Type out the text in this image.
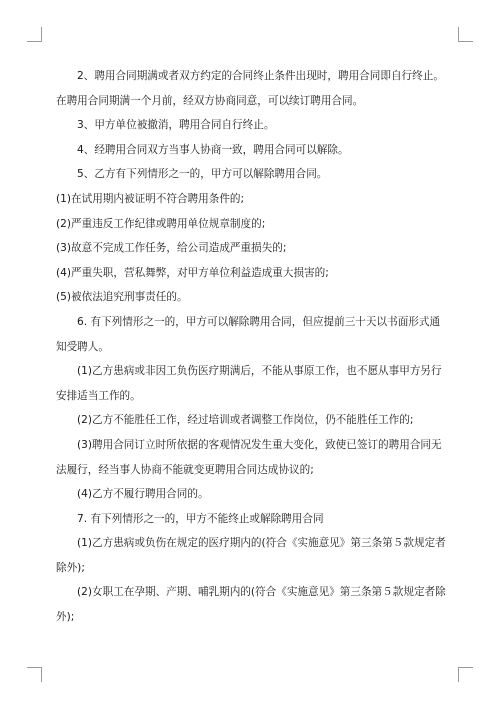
2、聘用合同期满或者双方约定的合同终止条件出现时，聘用合同即自行终止。在聘用合同期满一个月前，经双方协商同意，可以续订聘用合同。

3、甲方单位被撤消，聘用合同自行终止。

4、经聘用合同双方当事人协商一致，聘用合同可以解除。

5、乙方有下列情形之一的，甲方可以解除聘用合同。

(1)在试用期内被证明不符合聘用条件的;

(2)严重违反工作纪律或聘用单位规章制度的;

(3)故意不完成工作任务，给公司造成严重损失的;

(4)严重失职，营私舞弊，对甲方单位利益造成重大损害的;

(5)被依法追究刑事责任的。

6. 有下列情形之一的，甲方可以解除聘用合同，但应提前三十天以书面形式通知受聘人。

(1)乙方患病或非因工负伤医疗期满后，不能从事原工作，也不愿从事甲方另行安排适当工作的。

(2)乙方不能胜任工作，经过培训或者调整工作岗位，仍不能胜任工作的;

(3)聘用合同订立时所依据的客观情况发生重大变化，致使已签订的聘用合同无法履行，经当事人协商不能就变更聘用合同达成协议的;

(4)乙方不履行聘用合同的。

7. 有下列情形之一的，甲方不能终止或解除聘用合同

(1)乙方患病或负伤在规定的医疗期内的(符合《实施意见》第三条第５款规定者除外);

(2)女职工在孕期、产期、哺乳期内的(符合《实施意见》第三条第５款规定者除外);
